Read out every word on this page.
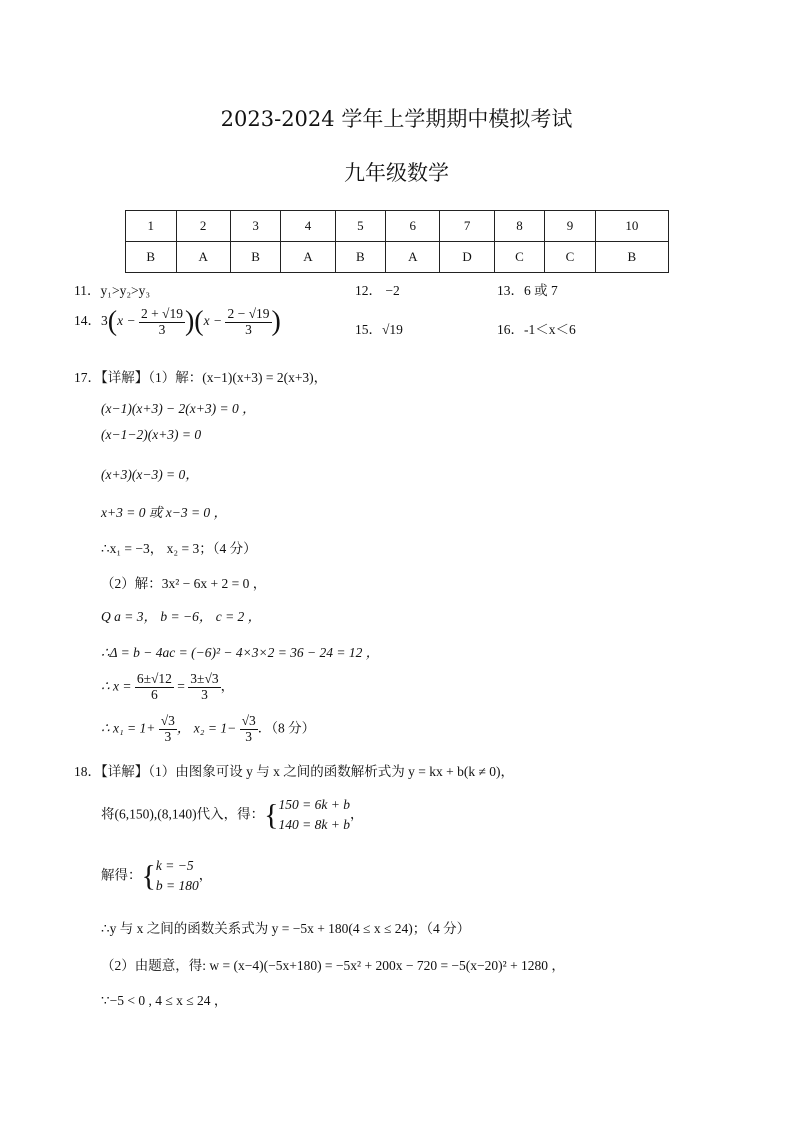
2023-2024 学年上学期期中模拟考试
九年级数学
1	2	3	4	5	6	7	8	9	10
B	A	B	A	B	A	D	C	C	B
11．y₁>y₂>y₃	12． −2	13．6 或 7
14．$3(x - \frac{2 + √19}{3} )(x - \frac{2 - √19}{3}$ )	15．√19	16．-1＜x＜6
17．【详解】（1）解：(x−1)(x+3) = 2(x+3)，
(x−1)(x+3) − 2(x+3) = 0 ，
(x−1−2)(x+3) = 0
(x+3)(x−3) = 0，
x+3 = 0 或 x−3 = 0 ，
∴x₁ = −3， x₂ = 3；（4 分）
（2）解：3x² − 6x + 2 = 0 ，
Q a = 3， b = −6， c = 2 ，
∴Δ = b − 4ac = (−6)² − 4×3×2 = 36 − 24 = 12 ，
∴ $x = \frac{6\pm√12}{6} = \frac{3\pm√3}{3}$ ，
∴ $x_1 = 1+ \frac{√3}{3}$ ， $x_2 = 1- \frac{√3}{3}$ ．（8 分）
18．【详解】（1）由图象可设 y 与 x 之间的函数解析式为 y = kx + b(k ≠ 0)，
将(6,150),(8,140)代入，得：{ 150 = 6k + b
140 = 8k + b
，
解得：{ k = −5
b = 180
，
∴y 与 x 之间的函数关系式为 y = −5x + 180(4 ≤ x ≤ 24)；（4 分）
（2）由题意，得: w = (x−4)(−5x+180) = −5x² + 200x − 720 = −5(x−20)² + 1280 ，
∵−5 < 0 , 4 ≤ x ≤ 24 ，
